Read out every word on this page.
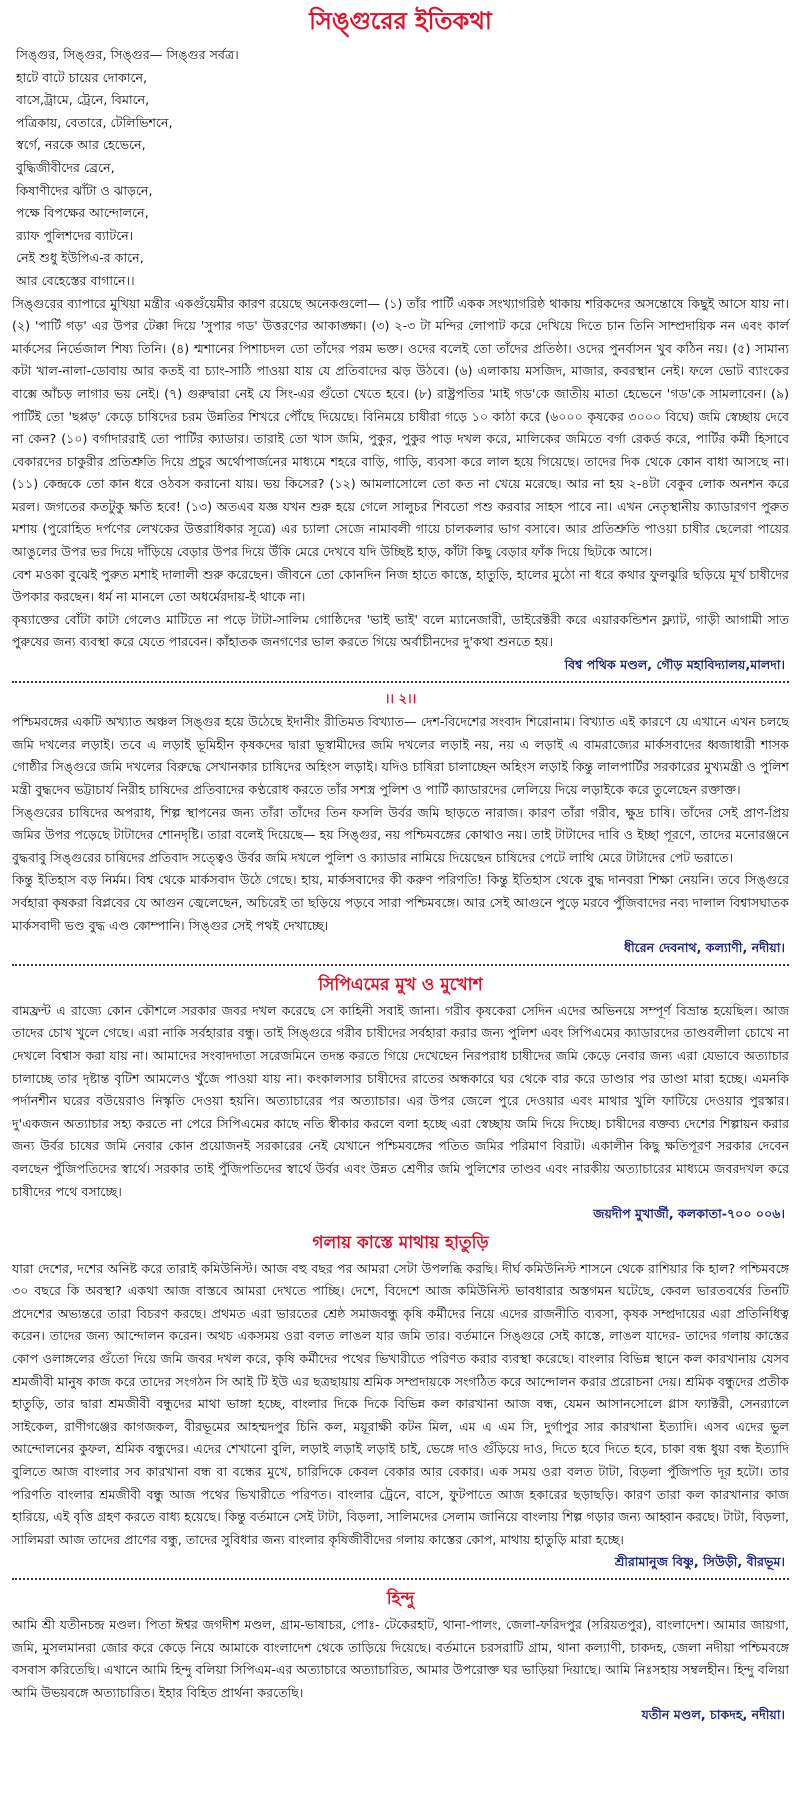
সিঙ্গুরের ইতিকথা
সিঙ্গুর, সিঙ্গুর, সিঙ্গুর— সিঙ্গুর সর্বত্র।
হাটে বাটে চায়ের দোকানে,
বাসে,ট্রামে, ট্রেনে, বিমানে,
পত্রিকায়, বেতারে, টেলিভিশনে,
স্বর্গে, নরকে আর হেভেনে,
বুদ্ধিজীবীদের ব্রেনে,
কিষাণীদের ঝাঁটা ও ঝাড়নে,
পক্ষে বিপক্ষের আন্দোলনে,
র‌্যাফ পুলিশদের ব্যাটনে।
নেই শুধু ইউপিএ-র কানে,
আর বেহেস্তের বাগানে।।

সিঙ্গুরের ব্যাপারে মুখিয়া মন্ত্রীর একগুঁয়েমীর কারণ রয়েছে অনেকগুলো— (১) তাঁর পার্টি একক সংখ্যাগরিষ্ঠ থাকায় শরিকদের অসন্তোষে কিছুই আসে যায় না। (২) 'পার্টি গড়' এর উপর টেক্কা দিয়ে 'সুপার গড' উত্তরণের আকাঙ্ক্ষা। (৩) ২-৩ টা মন্দির লোপাট করে দেখিয়ে দিতে চান তিনি সাম্প্রদায়িক নন এবং কার্ল মার্কসের নির্ভেজাল শিষ্য তিনি। (৪) শ্মশানের পিশাচদল তো তাঁদের পরম ভক্ত। ওদের বলেই তো তাঁদের প্রতিষ্ঠা। ওদের পুনর্বাসন খুব কঠিন নয়। (৫) সামান্য কটা খাল-নালা-ডোবায় আর কতই বা চ্যাং-সাঠি পাওয়া যায় যে প্রতিবাদের ঝড় উঠবে। (৬) এলাকায় মসজিদ, মাজার, কবরস্থান নেই। ফলে ভোট ব্যাংকের বাক্সে আঁচড় লাগার ভয় নেই। (৭) গুরুদ্বারা নেই যে সিং-এর গুঁতো খেতে হবে। (৮) রাষ্ট্রপতির 'মাই গড'কে জাতীয় মাতা হেভেনে 'গড'কে সামলাবেন। (৯) পার্টিই তো 'ছপ্পড়' কেড়ে চাষিদের চরম উন্নতির শিখরে পৌঁছে দিয়েছে। বিনিময়ে চাষীরা গড়ে ১০ কাঠা করে (৬০০০ কৃষকের ৩০০০ বিঘে) জমি স্বেচ্ছায় দেবে না কেন? (১০) বর্গাদাররাই তো পার্টির ক্যাডার। তারাই তো খাস জমি, পুকুর, পুকুর পাড় দখল করে, মালিকের জমিতে বর্গা রেকর্ড করে, পার্টির কর্মী হিসাবে বেকারদের চাকুরীর প্রতিশ্রুতি দিয়ে প্রচুর অর্থোপার্জনের মাধ্যমে শহরে বাড়ি, গাড়ি, ব্যবসা করে লাল হয়ে গিয়েছে। তাদের দিক থেকে কোন বাধা আসছে না। (১১) কেন্দ্রকে তো কান ধরে ওঠবস করানো যায়। ভয় কিসের? (১২) আমলাসোলে তো কত না খেয়ে মরেছে। আর না হয় ২-৪টা বেকুব লোক অনশন করে মরল। জগতের কতটুকু ক্ষতি হবে! (১৩) অতএব যজ্ঞ যখন শুরু হয়ে গেলে সালুচর শিবতো পশু করবার সাহস পাবে না। এখন নেতৃস্থানীয় ক্যাডারগণ পুরুত মশায় (পুরোহিত দর্পণের লেখকের উত্তরাধিকার সূত্রে) এর চ্যালা সেজে নামাবলী গায়ে চালকলার ভাগ বসাবে। আর প্রতিশ্রুতি পাওয়া চাষীর ছেলেরা পায়ের আঙুলের উপর ভর দিয়ে দাঁড়িয়ে বেড়ার উপর দিয়ে উঁকি মেরে দেখবে যদি উচ্ছিষ্ট হাড়, কাঁটা কিছু বেড়ার ফাঁক দিয়ে ছিটকে আসে।

বেশ মওকা বুঝেই পুরুত মশাই দালালী শুরু করেছেন। জীবনে তো কোনদিন নিজ হাতে কাস্তে, হাতুড়ি, হালের মুঠো না ধরে কথার ফুলঝুরি ছড়িয়ে মূর্খ চাষীদের উপকার করছেন। ধর্ম না মানলে তো অধর্মেরদায়-ই থাকে না।

কৃষ্যাক্তের বোঁটা কাটা গেলেও মাটিতে না পড়ে টাটা-সালিম গোষ্ঠিদের 'ভাই ভাই' বলে ম্যানেজারী, ডাইরেক্টরী করে এয়ারকন্ডিশন ফ্ল্যাট, গাড়ী আগামী সাত পুরুষের জন্য ব্যবস্থা করে যেতে পারবেন। কাঁহাতক জনগণের ভাল করতে গিয়ে অর্বাচীনদের দু'কথা শুনতে হয়।

বিশ্ব পথিক মণ্ডল, গৌড় মহাবিদ্যালয়,মালদা।
।। ২।।

পশ্চিমবঙ্গের একটি অখ্যাত অঞ্চল সিঙ্গুর হয়ে উঠেছে ইদানীং রীতিমত বিখ্যাত— দেশ-বিদেশের সংবাদ শিরোনাম। বিখ্যাত এই কারণে যে এখানে এখন চলছে জমি দখলের লড়াই। তবে এ লড়াই ভূমিহীন কৃষকদের দ্বারা ভূস্বামীদের জমি দখলের লড়াই নয়, নয় এ লড়াই এ বামরাজ্যের মার্কসবাদের ধ্বজাধারী শাসক গোষ্ঠীর সিঙ্গুরে জমি দখলের বিরুদ্ধে সেখানকার চাষিদের অহিংস লড়াই। যদিও চাষিরা চালাচ্ছেন অহিংস লড়াই কিন্তু লালপার্টির সরকারের মুখ্যমন্ত্রী ও পুলিশ মন্ত্রী বুদ্ধদেব ভট্টাচার্য নিরীহ চাষিদের প্রতিবাদের কণ্ঠরোধ করতে তাঁর সশস্ত্র পুলিশ ও পার্টি ক্যাডারদের লেলিয়ে দিয়ে লড়াইকে করে তুলেছেন রক্তাক্ত।

সিঙ্গুরের চাষিদের অপরাধ, শিল্প স্থাপনের জন্য তাঁরা তাঁদের তিন ফসলি উর্বর জমি ছাড়তে নারাজ। কারণ তাঁরা গরীব, ক্ষুদ্র চাষি। তাঁদের সেই প্রাণ-প্রিয় জমির উপর পড়েছে টাটাদের শোনদৃষ্টি। তারা বলেই দিয়েছে— হয় সিঙ্গুর, নয় পশ্চিমবঙ্গের কোথাও নয়। তাই টাটাদের দাবি ও ইচ্ছা পূরণে, তাদের মনোরঞ্জনে বুদ্ধবাবু সিঙ্গুরের চাষিদের প্রতিবাদ সত্ত্বেও উর্বর জমি দখলে পুলিশ ও ক্যাডার নামিয়ে দিয়েছেন চাষিদের পেটে লাথি মেরে টাটাদের পেট ভরাতে।

কিন্তু ইতিহাস বড় নির্মম। বিশ্ব থেকে মার্কসবাদ উঠে গেছে। হায়, মার্কসবাদের কী করুণ পরিণতি! কিন্তু ইতিহাস থেকে বুদ্ধ দানবরা শিক্ষা নেয়নি। তবে সিঙ্গুরে সর্বহারা কৃষকরা বিপ্লবের যে আগুন জ্বেলেছেন, অচিরেই তা ছড়িয়ে পড়বে সারা পশ্চিমবঙ্গে। আর সেই আগুনে পুড়ে মরবে পুঁজিবাদের নব্য দালাল বিশ্বাসঘাতক মার্কসবাদী ভণ্ড বুদ্ধ এণ্ড কোম্পানি। সিঙ্গুর সেই পথই দেখাচ্ছে।

ধীরেন দেবনাথ, কল্যাণী, নদীয়া।
সিপিএমের মুখ ও মুখোশ

বামফ্রন্ট এ রাজ্যে কোন কৌশলে সরকার জবর দখল করেছে সে কাহিনী সবাই জানা। গরীব কৃষকেরা সেদিন এদের অভিনয়ে সম্পূর্ণ বিভ্রান্ত হয়েছিল। আজ তাদের চোখ খুলে গেছে। এরা নাকি সর্বহারার বন্ধু। তাই সিঙ্গুরে গরীব চাষীদের সর্বহারা করার জন্য পুলিশ এবং সিপিএমের ক্যাডারদের তাণ্ডবলীলা চোখে না দেখলে বিশ্বাস করা যায় না। আমাদের সংবাদদাতা সরেজমিনে তদন্ত করতে গিয়ে দেখেছেন নিরপরাধ চাষীদের জমি কেড়ে নেবার জন্য এরা যেভাবে অত্যাচার চালাচ্ছে তার দৃষ্টান্ত বৃটিশ আমলেও খুঁজে পাওয়া যায় না। কংকালসার চাষীদের রাতের অন্ধকারে ঘর থেকে বার করে ডাণ্ডার পর ডাণ্ডা মারা হচ্ছে। এমনকি পর্দানশীন ঘরের বউয়েরাও নিস্কৃতি দেওয়া হয়নি। অত্যাচারের পর অত্যাচার। এর উপর জেলে পুরে দেওয়ার এবং মাথার খুলি ফাটিয়ে দেওয়ার পুরস্কার। দু'একজন অত্যাচার সহ্য করতে না পেরে সিপিএমের কাছে নতি স্বীকার করলে বলা হচ্ছে এরা স্বেচ্ছায় জমি দিয়ে দিচ্ছে। চাষীদের বক্তব্য দেশের শিল্পায়ন করার জন্য উর্বর চাষের জমি নেবার কোন প্রয়োজনই সরকারের নেই যেখানে পশ্চিমবঙ্গের পতিত জমির পরিমাণ বিরাট। একালীন কিছু ক্ষতিপূরণ সরকার দেবেন বলছেন পুঁজিপতিদের স্বার্থে। সরকার তাই পুঁজিপতিদের স্বার্থে উর্বর এবং উন্নত শ্রেণীর জমি পুলিশের তাণ্ডব এবং নারকীয় অত্যাচারের মাধ্যমে জবরদখল করে চাষীদের পথে বসাচ্ছে।

জয়দীপ মুখার্জী, কলকাতা-৭০০ ০০৬।
গলায় কাস্তে মাথায় হাতুড়ি

যারা দেশের, দশের অনিষ্ট করে তারাই কমিউনিস্ট। আজ বহু বছর পর আমরা সেটা উপলব্ধি করছি। দীর্ঘ কমিউনিস্ট শাসনে থেকে রাশিয়ার কি হাল? পশ্চিমবঙ্গে ৩০ বছরে কি অবস্থা? একথা আজ বাস্তবে আমরা দেখতে পাচ্ছি। দেশে, বিদেশে আজ কমিউনিস্ট ভাবধারার অস্তগমন ঘটেছে, কেবল ভারতবর্ষের তিনটি প্রদেশের অভ্যন্তরে তারা বিচরণ করছে। প্রথমত এরা ভারতের শ্রেষ্ঠ সমাজবন্ধু কৃষি কর্মীদের নিয়ে এদের রাজনীতি ব্যবসা, কৃষক সম্প্রদায়ের এরা প্রতিনিধিত্ব করেন। তাদের জন্য আন্দোলন করেন। অথচ একসময় ওরা বলত লাঙল যার জমি তার। বর্তমানে সিঙ্গুরে সেই কাস্তে, লাঙল যাদের- তাদের গলায় কাস্তের কোপ ওলাঙ্গলের গুঁতো দিয়ে জমি জবর দখল করে, কৃষি কর্মীদের পথের ভিখারীতে পরিণত করার ব্যবস্থা করেছে। বাংলার বিভিন্ন স্থানে কল কারখানায় যেসব শ্রমজীবী মানুষ কাজ করে তাদের সংগঠন সি আই টি ইউ এর ছত্রছায়ায় শ্রমিক সম্প্রদায়কে সংগঠিত করে আন্দোলন করার প্ররোচনা দেয়। শ্রমিক বন্ধুদের প্রতীক হাতুড়ি, তার দ্বারা শ্রমজীবী বন্ধুদের মাথা ভাঙ্গা হচ্ছে, বাংলার দিকে দিকে বিভিন্ন কল কারখানা আজ বন্ধ, যেমন আসানসোলে গ্লাস ফ্যাক্টরী, সেনর‌্যালে সাইকেল, রাণীগঞ্জের কাগজকল, বীরভূমের আহম্মদপুর চিনি কল, ময়ূরাক্ষী কটন মিল, এম এ এম সি, দুর্গাপুর সার কারখানা ইত্যাদি। এসব এদের ভুল আন্দোলনের কুফল, শ্রমিক বন্ধুদের। এদের শেখানো বুলি, লড়াই লড়াই লড়াই চাই, ভেঙ্গে দাও গুঁড়িয়ে দাও, দিতে হবে দিতে হবে, চাকা বন্ধ ধুয়া বন্ধ ইত্যাদি বুলিতে আজ বাংলার সব কারখানা বন্ধ বা বন্ধের মুখে, চারিদিকে কেবল বেকার আর বেকার। এক সময় ওরা বলত টাটা, বিড়লা পুঁজিপতি দূর হটো। তার পরিণতি বাংলার শ্রমজীবী বন্ধু আজ পথের ভিখারীতে পরিণত। বাংলার ট্রেনে, বাসে, ফুটপাতে আজ হকারের ছড়াছড়ি। কারণ তারা কল কারখানার কাজ হারিয়ে, এই বৃত্তি গ্রহণ করতে বাধ্য হয়েছে। কিন্তু বর্তমানে সেই টাটা, বিড়লা, সালিমদের সেলাম জানিয়ে বাংলায় শিল্প গড়ার জন্য আহ্বান করছে। টাটা, বিড়লা, সালিমরা আজ তাদের প্রাণের বন্ধু, তাদের সুবিধার জন্য বাংলার কৃষিজীবীদের গলায় কাস্তের কোপ, মাথায় হাতুড়ি মারা হচ্ছে।

শ্রীরামানুজ বিষ্ণু, সিউড়ী, বীরভূম।
হিন্দু

আমি শ্রী যতীনচন্দ্র মণ্ডল। পিতা ঈশ্বর জগদীশ মণ্ডল, গ্রাম-ভাষাচর, পোঃ- টেকেরহাট, থানা-পালং, জেলা-ফরিদপুর (সরিয়তপুর), বাংলাদেশ। আমার জায়গা, জমি, মুসলমানরা জোর করে কেড়ে নিয়ে আমাকে বাংলাদেশ থেকে তাড়িয়ে দিয়েছে। বর্তমানে চরসরাটি গ্রাম, থানা কল্যাণী, চাকদহ, জেলা নদীয়া পশ্চিমবঙ্গে বসবাস করিতেছি। এখানে আমি হিন্দু বলিয়া সিপিএম-এর অত্যাচারে অত্যাচারিত, আমার উপরোক্ত ঘর ভাড়িয়া দিয়াছে। আমি নিঃসহায় সম্বলহীন। হিন্দু বলিয়া আমি উভয়বঙ্গে অত্যাচারিত। ইহার বিহিত প্রার্থনা করতেছি।

যতীন মণ্ডল, চাকদহ, নদীয়া।
